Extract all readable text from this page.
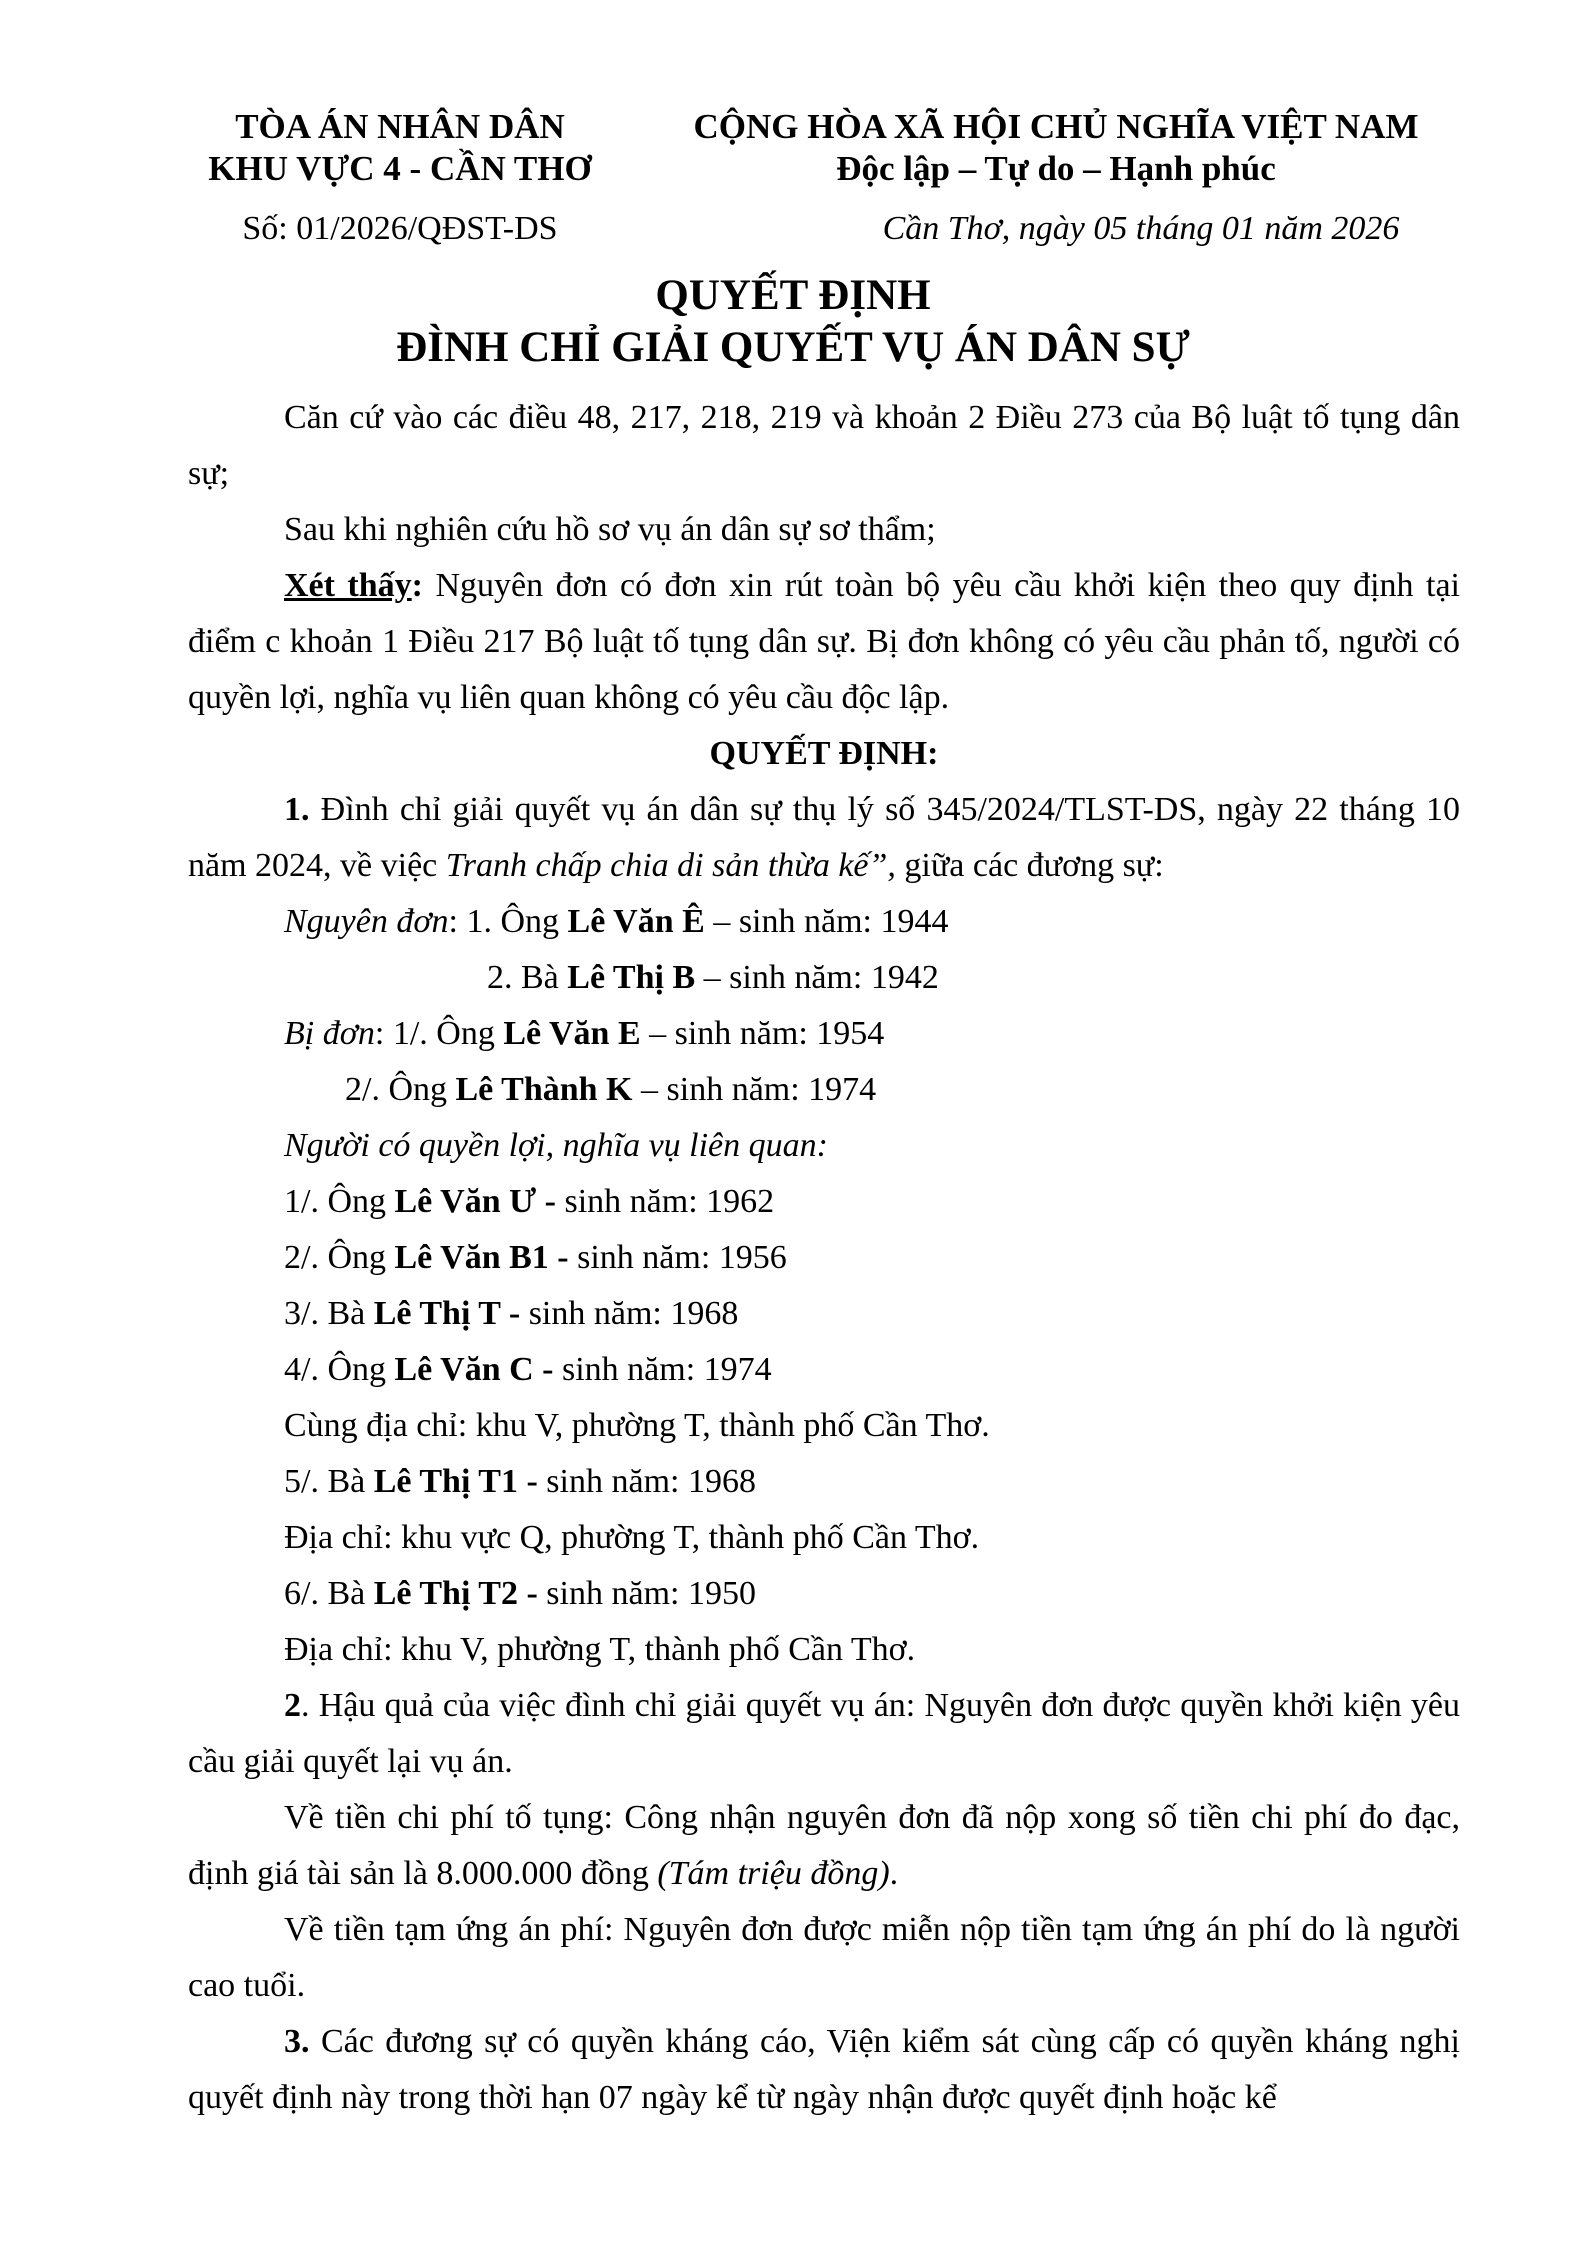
TÒA ÁN NHÂN DÂN
KHU VỰC 4 - CẦN THƠ
CỘNG HÒA XÃ HỘI CHỦ NGHĨA VIỆT NAM
Độc lập – Tự do – Hạnh phúc
Số: 01/2026/QĐST-DS	Cần Thơ, ngày 05 tháng 01 năm 2026
QUYẾT ĐỊNH
ĐÌNH CHỈ GIẢI QUYẾT VỤ ÁN DÂN SỰ

Căn cứ vào các điều 48, 217, 218, 219 và khoản 2 Điều 273 của Bộ luật tố tụng dân sự;

Sau khi nghiên cứu hồ sơ vụ án dân sự sơ thẩm;

Xét thấy: Nguyên đơn có đơn xin rút toàn bộ yêu cầu khởi kiện theo quy định tại điểm c khoản 1 Điều 217 Bộ luật tố tụng dân sự. Bị đơn không có yêu cầu phản tố, người có quyền lợi, nghĩa vụ liên quan không có yêu cầu độc lập.

QUYẾT ĐỊNH:

1. Đình chỉ giải quyết vụ án dân sự thụ lý số 345/2024/TLST-DS, ngày 22 tháng 10 năm 2024, về việc Tranh chấp chia di sản thừa kế”, giữa các đương sự:

Nguyên đơn: 1. Ông Lê Văn Ê – sinh năm: 1944

2. Bà Lê Thị B – sinh năm: 1942

Bị đơn: 1/. Ông Lê Văn E – sinh năm: 1954

2/. Ông Lê Thành K – sinh năm: 1974

Người có quyền lợi, nghĩa vụ liên quan:

1/. Ông Lê Văn Ư - sinh năm: 1962

2/. Ông Lê Văn B1 - sinh năm: 1956

3/. Bà Lê Thị T - sinh năm: 1968

4/. Ông Lê Văn C - sinh năm: 1974

Cùng địa chỉ: khu V, phường T, thành phố Cần Thơ.

5/. Bà Lê Thị T1 - sinh năm: 1968

Địa chỉ: khu vực Q, phường T, thành phố Cần Thơ.

6/. Bà Lê Thị T2 - sinh năm: 1950

Địa chỉ: khu V, phường T, thành phố Cần Thơ.

2. Hậu quả của việc đình chỉ giải quyết vụ án: Nguyên đơn được quyền khởi kiện yêu cầu giải quyết lại vụ án.

Về tiền chi phí tố tụng: Công nhận nguyên đơn đã nộp xong số tiền chi phí đo đạc, định giá tài sản là 8.000.000 đồng (Tám triệu đồng).

Về tiền tạm ứng án phí: Nguyên đơn được miễn nộp tiền tạm ứng án phí do là người cao tuổi.

3. Các đương sự có quyền kháng cáo, Viện kiểm sát cùng cấp có quyền kháng nghị quyết định này trong thời hạn 07 ngày kể từ ngày nhận được quyết định hoặc kể
